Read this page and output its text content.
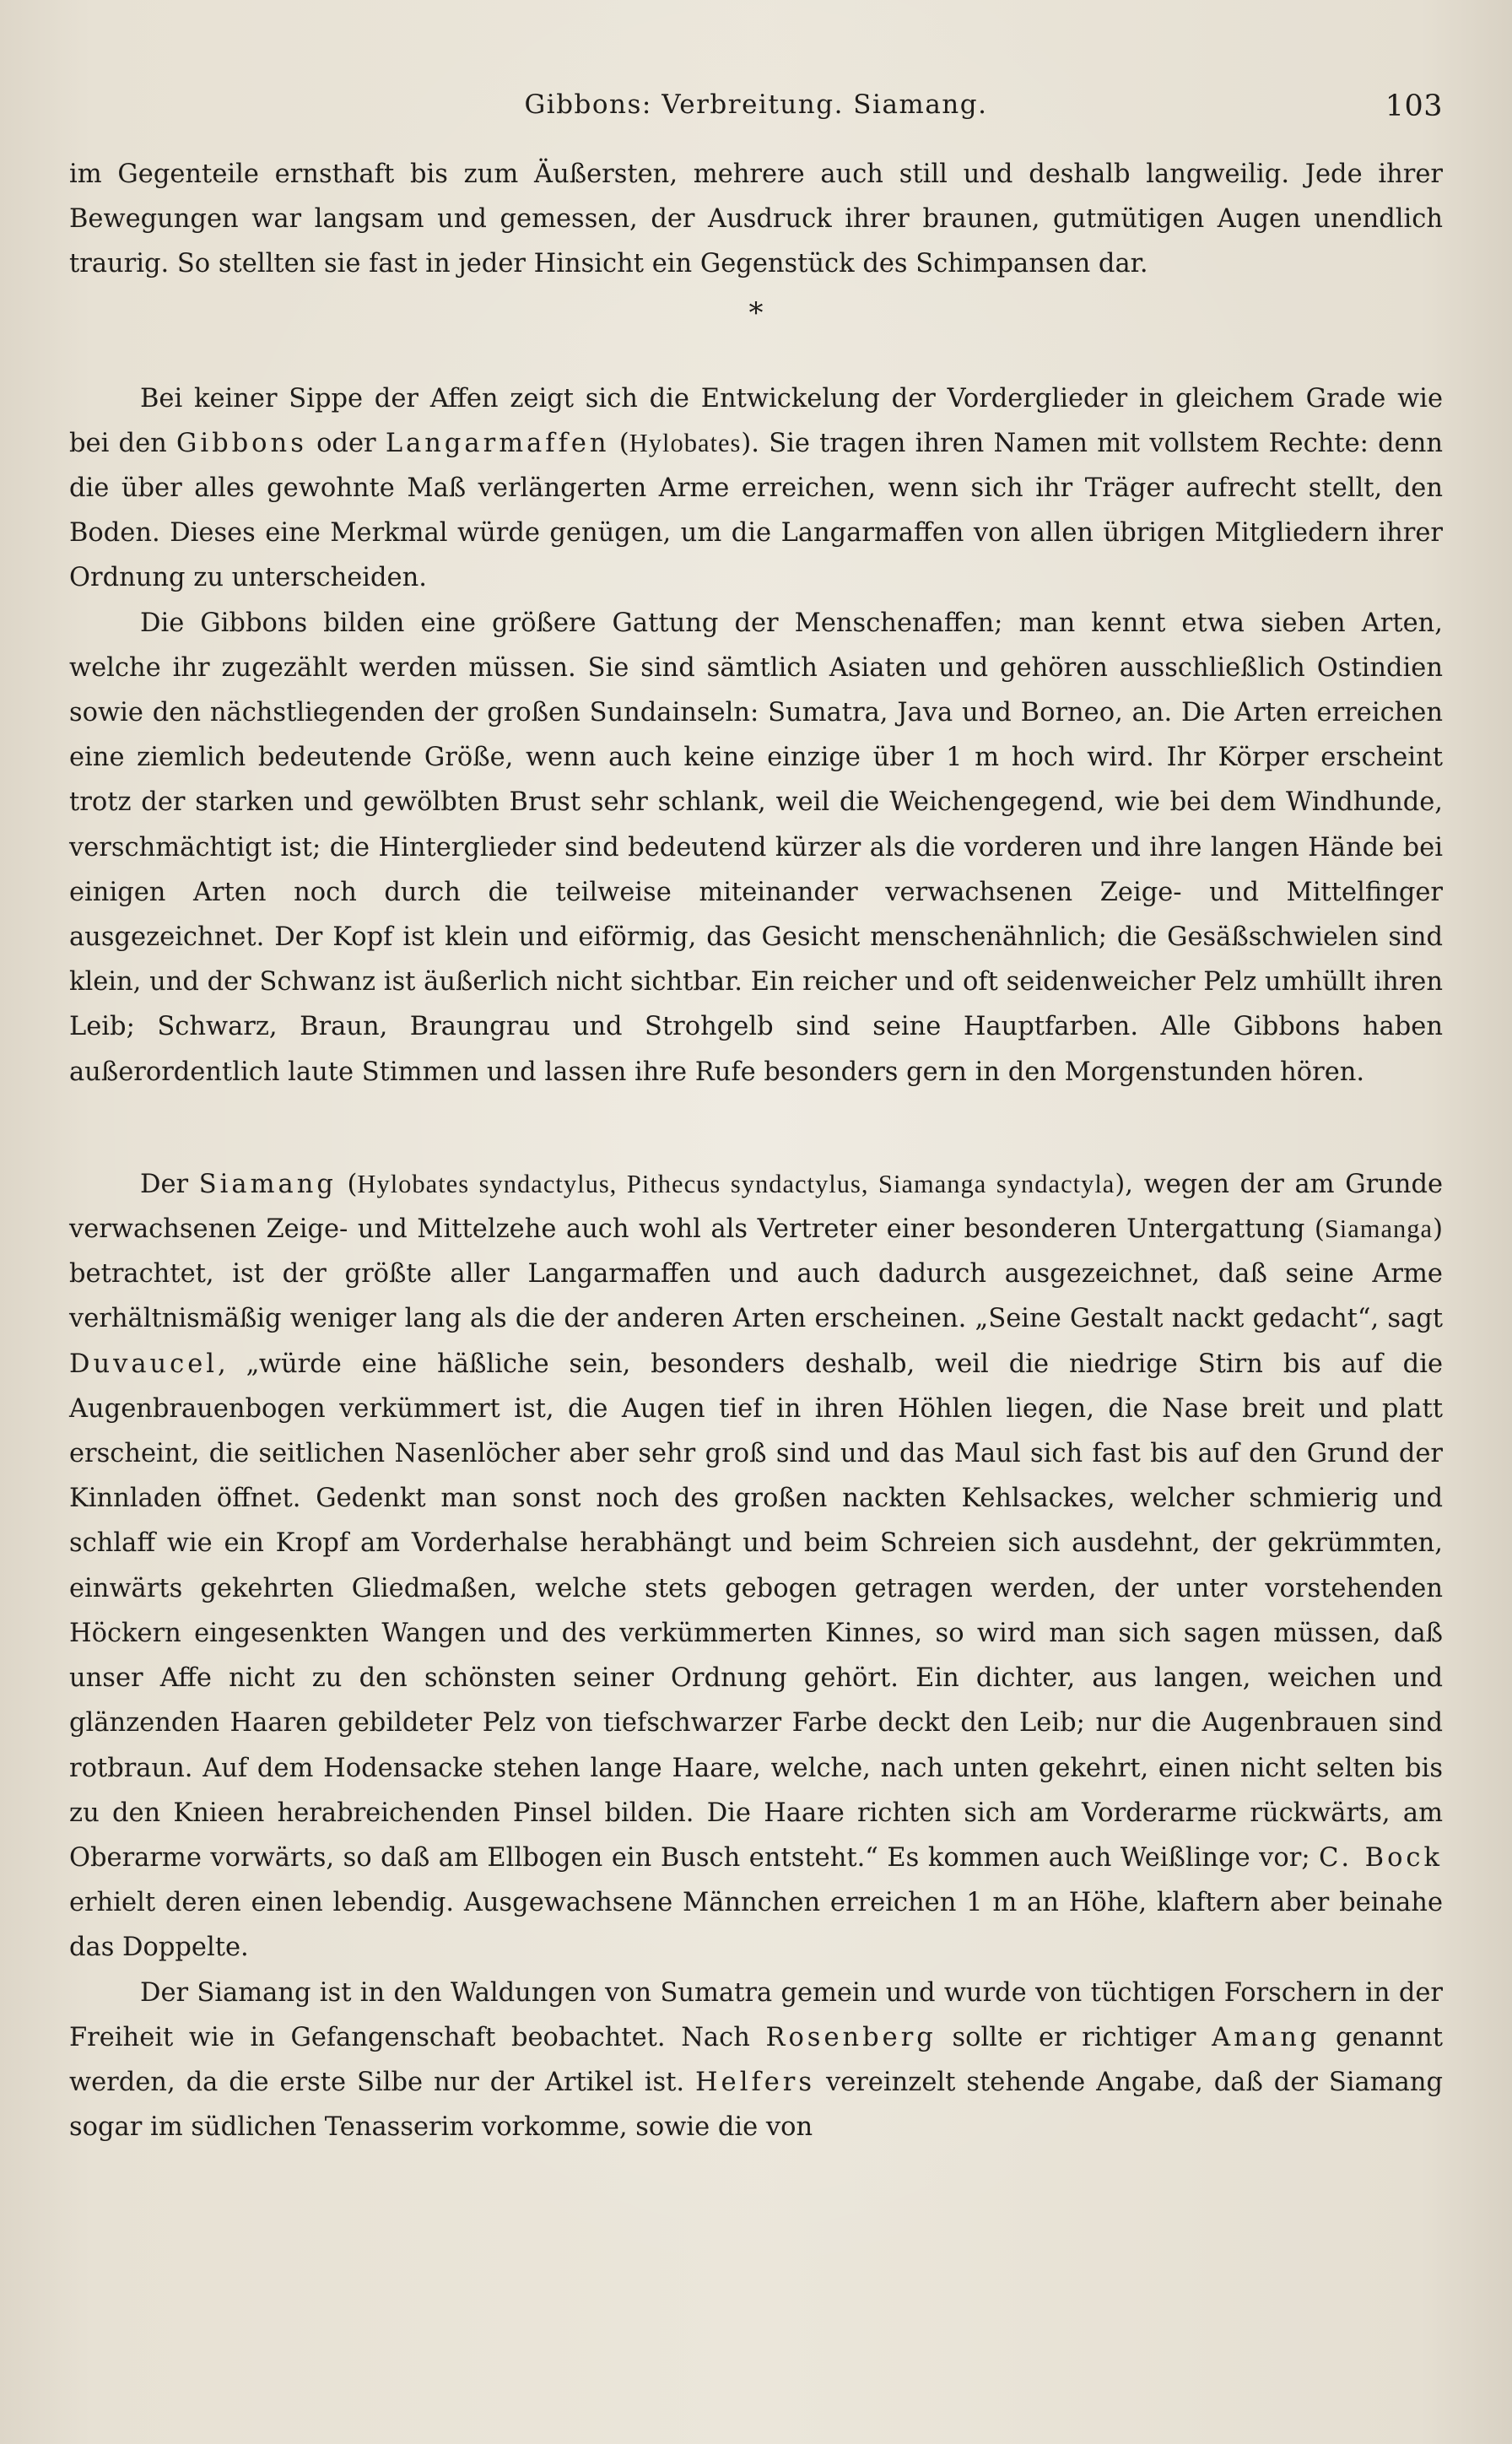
Gibbons: Verbreitung. Siamang.	103

im Gegenteile ernsthaft bis zum Äußersten, mehrere auch still und deshalb langweilig. Jede ihrer Bewegungen war langsam und gemessen, der Ausdruck ihrer braunen, gutmütigen Augen unendlich traurig. So stellten sie fast in jeder Hinsicht ein Gegenstück des Schimpansen dar.

*

Bei keiner Sippe der Affen zeigt sich die Entwickelung der Vorderglieder in gleichem Grade wie bei den Gibbons oder Langarmaffen (Hylobates). Sie tragen ihren Namen mit vollstem Rechte: denn die über alles gewohnte Maß verlängerten Arme erreichen, wenn sich ihr Träger aufrecht stellt, den Boden. Dieses eine Merkmal würde genügen, um die Langarmaffen von allen übrigen Mitgliedern ihrer Ordnung zu unterscheiden.

Die Gibbons bilden eine größere Gattung der Menschenaffen; man kennt etwa sieben Arten, welche ihr zugezählt werden müssen. Sie sind sämtlich Asiaten und gehören ausschließlich Ostindien sowie den nächstliegenden der großen Sundainseln: Sumatra, Java und Borneo, an. Die Arten erreichen eine ziemlich bedeutende Größe, wenn auch keine einzige über 1 m hoch wird. Ihr Körper erscheint trotz der starken und gewölbten Brust sehr schlank, weil die Weichengegend, wie bei dem Windhunde, verschmächtigt ist; die Hinterglieder sind bedeutend kürzer als die vorderen und ihre langen Hände bei einigen Arten noch durch die teilweise miteinander verwachsenen Zeige- und Mittelfinger ausgezeichnet. Der Kopf ist klein und eiförmig, das Gesicht menschenähnlich; die Gesäßschwielen sind klein, und der Schwanz ist äußerlich nicht sichtbar. Ein reicher und oft seidenweicher Pelz umhüllt ihren Leib; Schwarz, Braun, Braungrau und Strohgelb sind seine Hauptfarben. Alle Gibbons haben außerordentlich laute Stimmen und lassen ihre Rufe besonders gern in den Morgenstunden hören.

Der Siamang (Hylobates syndactylus, Pithecus syndactylus, Siamanga syndactyla), wegen der am Grunde verwachsenen Zeige- und Mittelzehe auch wohl als Vertreter einer besonderen Untergattung (Siamanga) betrachtet, ist der größte aller Langarmaffen und auch dadurch ausgezeichnet, daß seine Arme verhältnismäßig weniger lang als die der anderen Arten erscheinen. „Seine Gestalt nackt gedacht“, sagt Duvaucel, „würde eine häßliche sein, besonders deshalb, weil die niedrige Stirn bis auf die Augenbrauenbogen verkümmert ist, die Augen tief in ihren Höhlen liegen, die Nase breit und platt erscheint, die seitlichen Nasenlöcher aber sehr groß sind und das Maul sich fast bis auf den Grund der Kinnladen öffnet. Gedenkt man sonst noch des großen nackten Kehlsackes, welcher schmierig und schlaff wie ein Kropf am Vorderhalse herabhängt und beim Schreien sich ausdehnt, der gekrümmten, einwärts gekehrten Gliedmaßen, welche stets gebogen getragen werden, der unter vorstehenden Höckern eingesenkten Wangen und des verkümmerten Kinnes, so wird man sich sagen müssen, daß unser Affe nicht zu den schönsten seiner Ordnung gehört. Ein dichter, aus langen, weichen und glänzenden Haaren gebildeter Pelz von tiefschwarzer Farbe deckt den Leib; nur die Augenbrauen sind rotbraun. Auf dem Hodensacke stehen lange Haare, welche, nach unten gekehrt, einen nicht selten bis zu den Knieen herabreichenden Pinsel bilden. Die Haare richten sich am Vorderarme rückwärts, am Oberarme vorwärts, so daß am Ellbogen ein Busch entsteht.“ Es kommen auch Weißlinge vor; C. Bock erhielt deren einen lebendig. Ausgewachsene Männchen erreichen 1 m an Höhe, klaftern aber beinahe das Doppelte.

Der Siamang ist in den Waldungen von Sumatra gemein und wurde von tüchtigen Forschern in der Freiheit wie in Gefangenschaft beobachtet. Nach Rosenberg sollte er richtiger Amang genannt werden, da die erste Silbe nur der Artikel ist. Helfers vereinzelt stehende Angabe, daß der Siamang sogar im südlichen Tenasserim vorkomme, sowie die von
